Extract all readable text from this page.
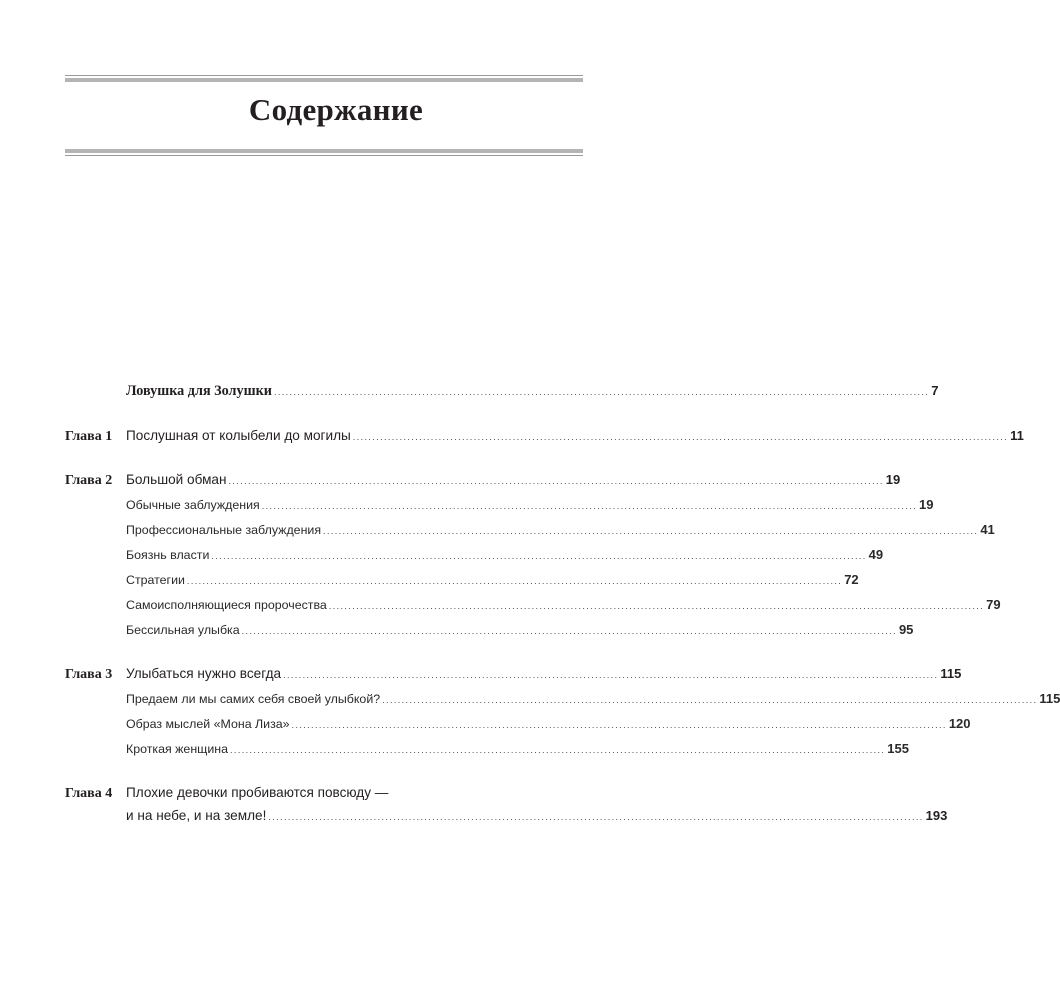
Содержание
Ловушка для Золушки ........................................................................................................................................................................ 7
Глава 1	Послушная от колыбели до могилы ........................................................................................................................................................................ 11
Глава 2	Большой обман ........................................................................................................................................................................ 19
Обычные заблуждения ........................................................................................................................................................................ 19
Профессиональные заблуждения ........................................................................................................................................................................ 41
Боязнь власти ........................................................................................................................................................................ 49
Стратегии ........................................................................................................................................................................ 72
Самоисполняющиеся пророчества ........................................................................................................................................................................ 79
Бессильная улыбка ........................................................................................................................................................................ 95
Глава 3	Улыбаться нужно всегда ........................................................................................................................................................................ 115
Предаем ли мы самих себя своей улыбкой? ........................................................................................................................................................................ 115
Образ мыслей «Мона Лиза» ........................................................................................................................................................................ 120
Кроткая женщина ........................................................................................................................................................................ 155
Глава 4	Плохие девочки пробиваются повсюду —
и на небе, и на земле! ........................................................................................................................................................................ 193
